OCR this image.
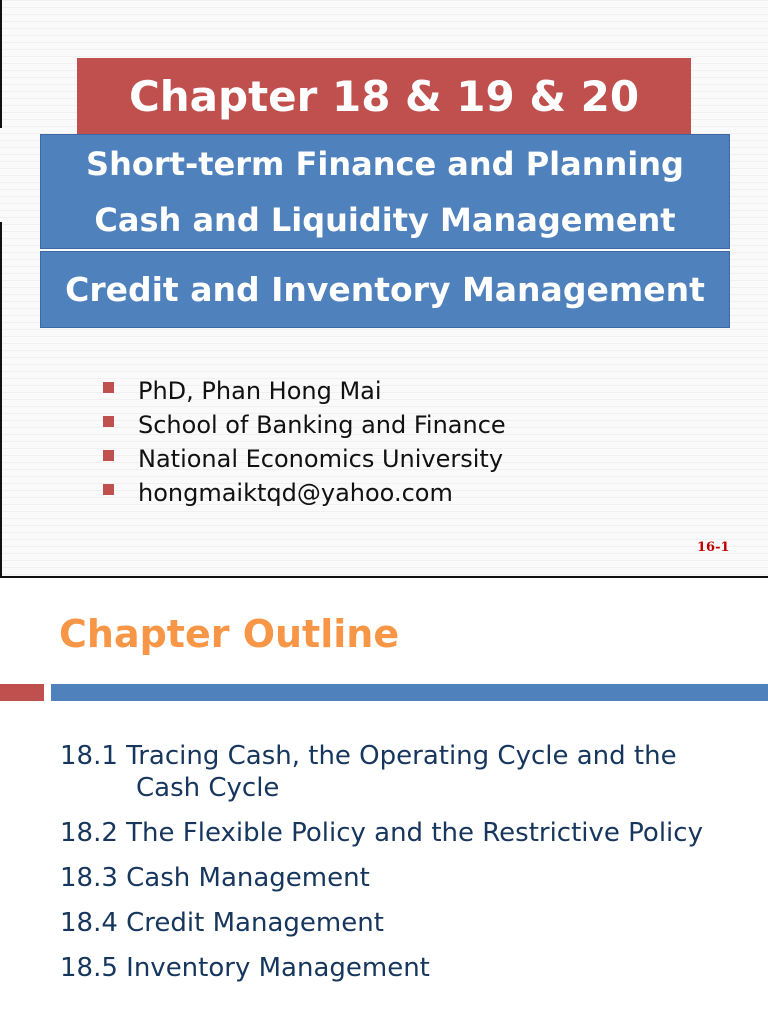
Chapter 18 & 19 & 20
Short-term Finance and Planning
Cash and Liquidity Management
Credit and Inventory Management
PhD, Phan Hong Mai
School of Banking and Finance
National Economics University
hongmaiktqd@yahoo.com
16-1
Chapter Outline
18.1 Tracing Cash, the Operating Cycle and the
Cash Cycle
18.2 The Flexible Policy and the Restrictive Policy
18.3 Cash Management
18.4 Credit Management
18.5 Inventory Management
